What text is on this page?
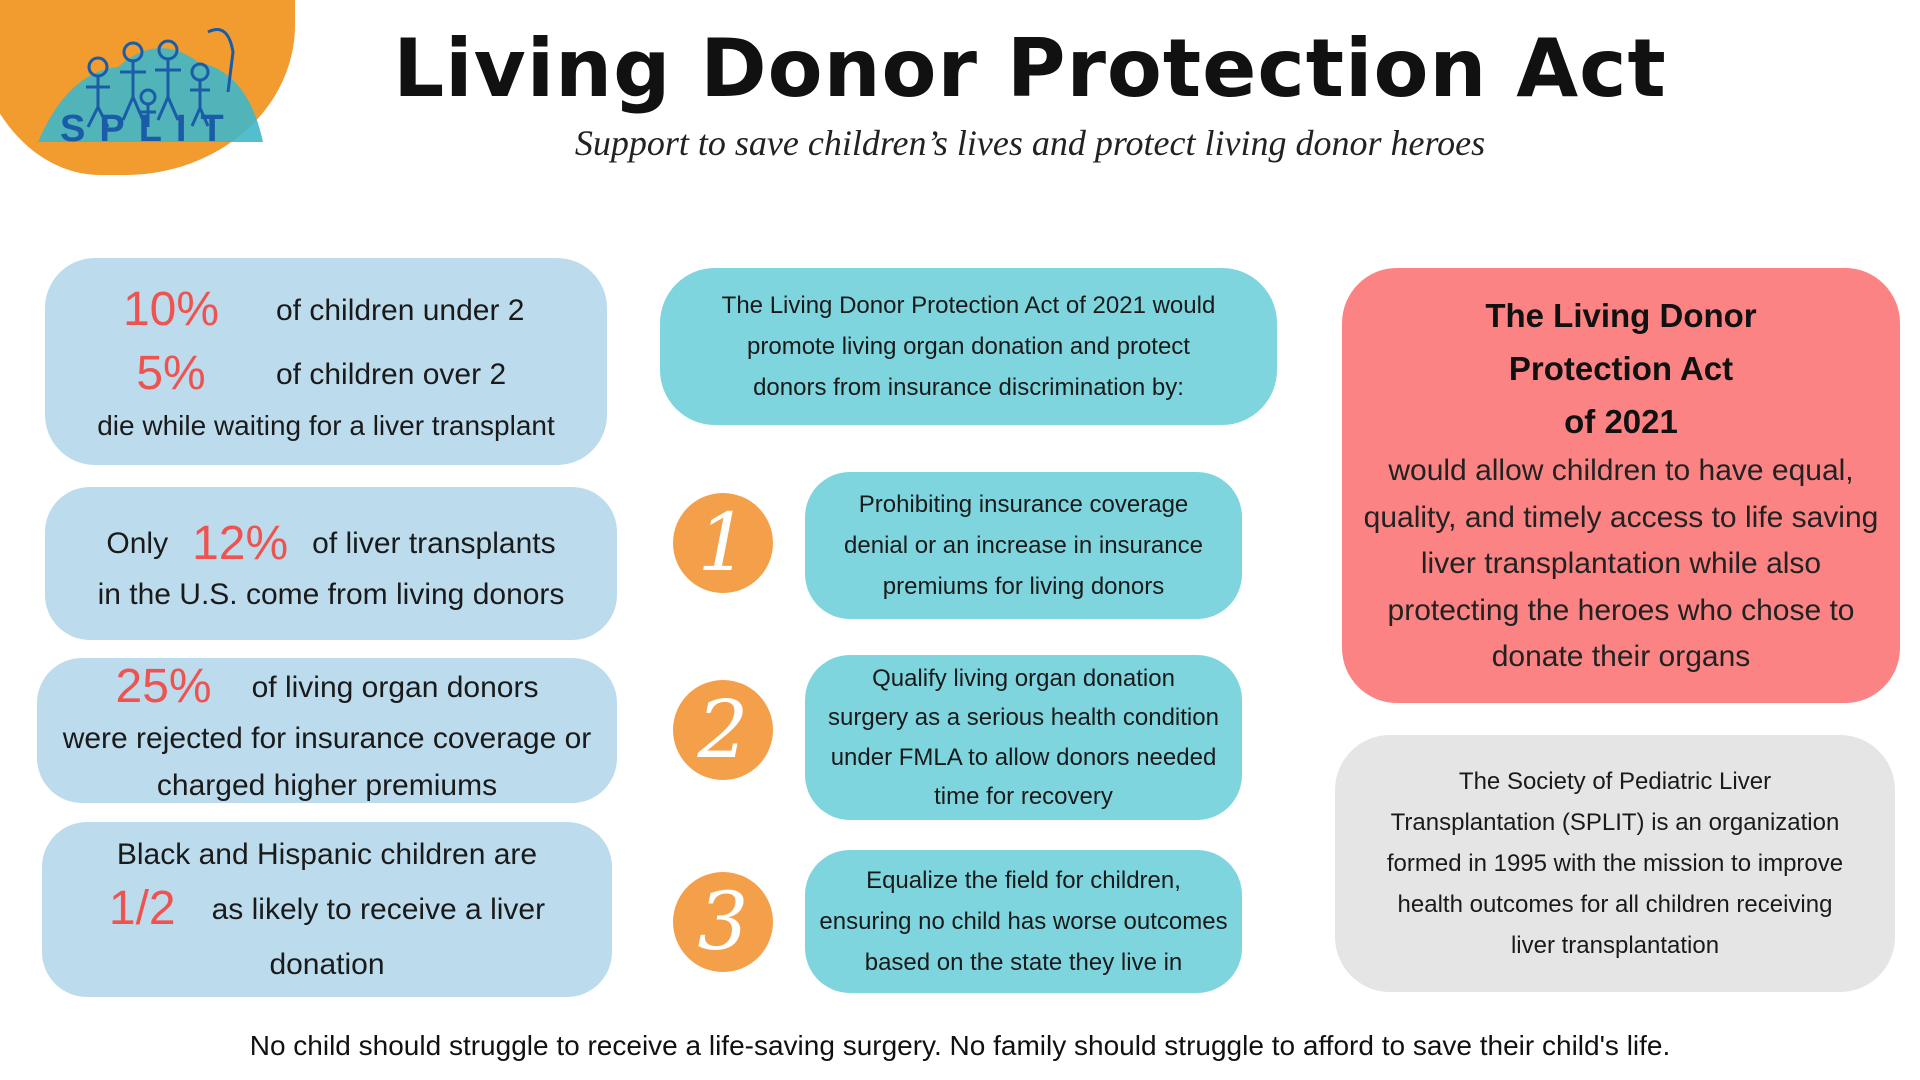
SPLIT
Living Donor Protection Act
Support to save children’s lives and protect living donor heroes
10%	of children under 2
5%	of children over 2
die while waiting for a liver transplant
Only 12% of liver transplants
in the U.S. come from living donors
25% of living organ donors
were rejected for insurance coverage or
charged higher premiums
Black and Hispanic children are
1/2 as likely to receive a liver
donation
The Living Donor Protection Act of 2021 would
promote living organ donation and protect
donors from insurance discrimination by:
1	Prohibiting insurance coverage
denial or an increase in insurance
premiums for living donors
2
Qualify living organ donation
surgery as a serious health condition
under FMLA to allow donors needed
time for recovery
3	Equalize the field for children,
ensuring no child has worse outcomes
based on the state they live in
The Living Donor
Protection Act
of 2021
would allow children to have equal,
quality, and timely access to life saving
liver transplantation while also
protecting the heroes who chose to
donate their organs
The Society of Pediatric Liver
Transplantation (SPLIT) is an organization
formed in 1995 with the mission to improve
health outcomes for all children receiving
liver transplantation
No child should struggle to receive a life-saving surgery. No family should struggle to afford to save their child's life.
